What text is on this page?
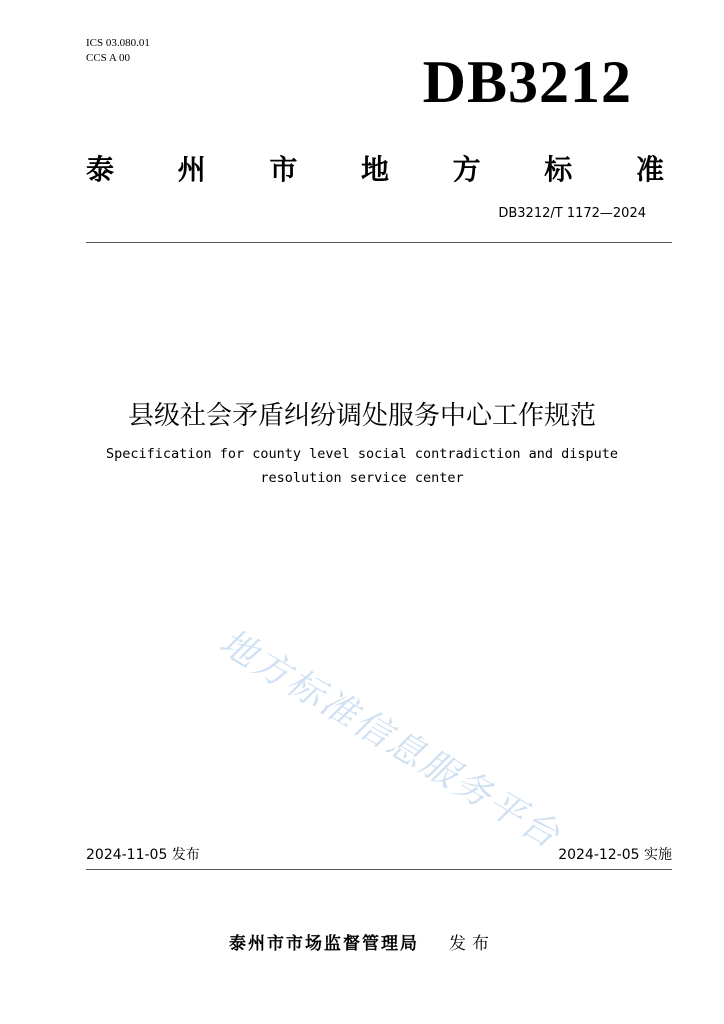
ICS 03.080.01
CCS A 00	DB3212
泰 州 市 地 方 标 准
DB3212/T 1172—2024
县级社会矛盾纠纷调处服务中心工作规范
Specification for county level social contradiction and dispute
resolution service center
地方标准信息服务平台
2024-11-05 发布	2024-12-05 实施
泰州市市场监督管理局 发布
